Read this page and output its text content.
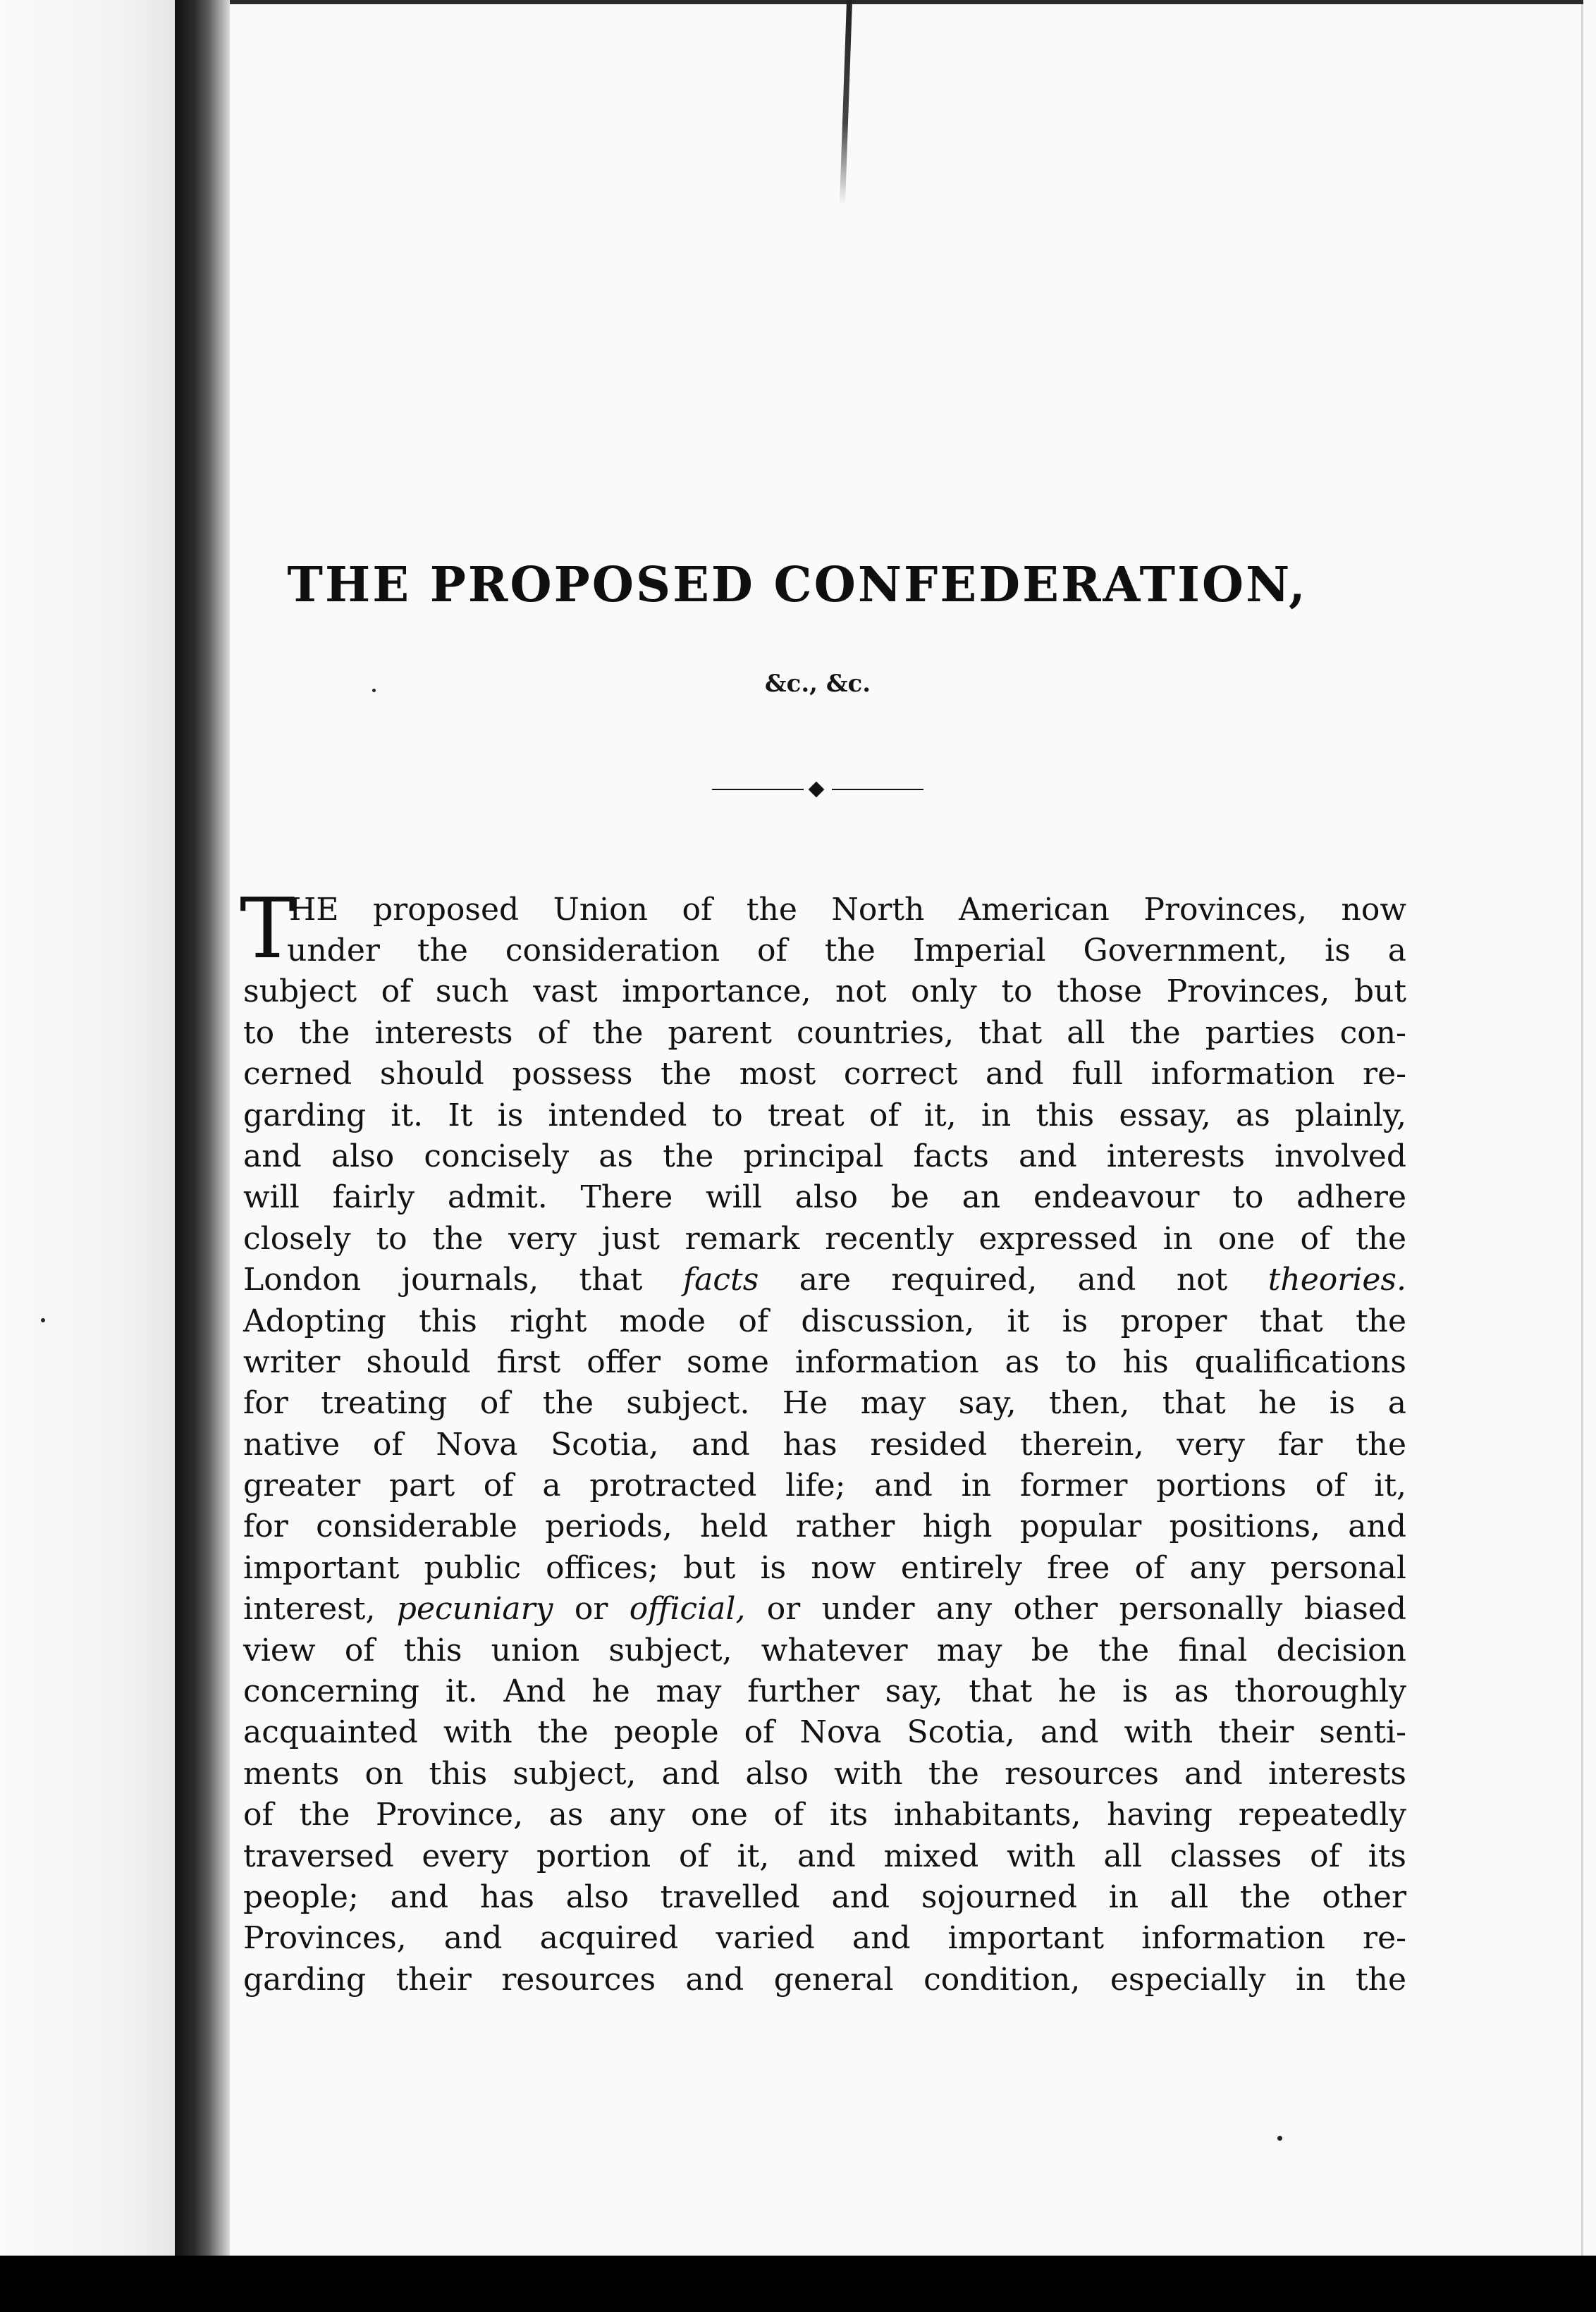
THE PROPOSED CONFEDERATION,
&c., &c.
T
HE proposed Union of the North American Provinces, now
under the consideration of the Imperial Government, is a
subject of such vast importance, not only to those Provinces, but
to the interests of the parent countries, that all the parties con-
cerned should possess the most correct and full information re-
garding it. It is intended to treat of it, in this essay, as plainly,
and also concisely as the principal facts and interests involved
will fairly admit. There will also be an endeavour to adhere
closely to the very just remark recently expressed in one of the
London journals, that facts are required, and not theories.
Adopting this right mode of discussion, it is proper that the
writer should first offer some information as to his qualifications
for treating of the subject. He may say, then, that he is a
native of Nova Scotia, and has resided therein, very far the
greater part of a protracted life; and in former portions of it,
for considerable periods, held rather high popular positions, and
important public offices; but is now entirely free of any personal
interest, pecuniary or official, or under any other personally biased
view of this union subject, whatever may be the final decision
concerning it. And he may further say, that he is as thoroughly
acquainted with the people of Nova Scotia, and with their senti-
ments on this subject, and also with the resources and interests
of the Province, as any one of its inhabitants, having repeatedly
traversed every portion of it, and mixed with all classes of its
people; and has also travelled and sojourned in all the other
Provinces, and acquired varied and important information re-
garding their resources and general condition, especially in the
